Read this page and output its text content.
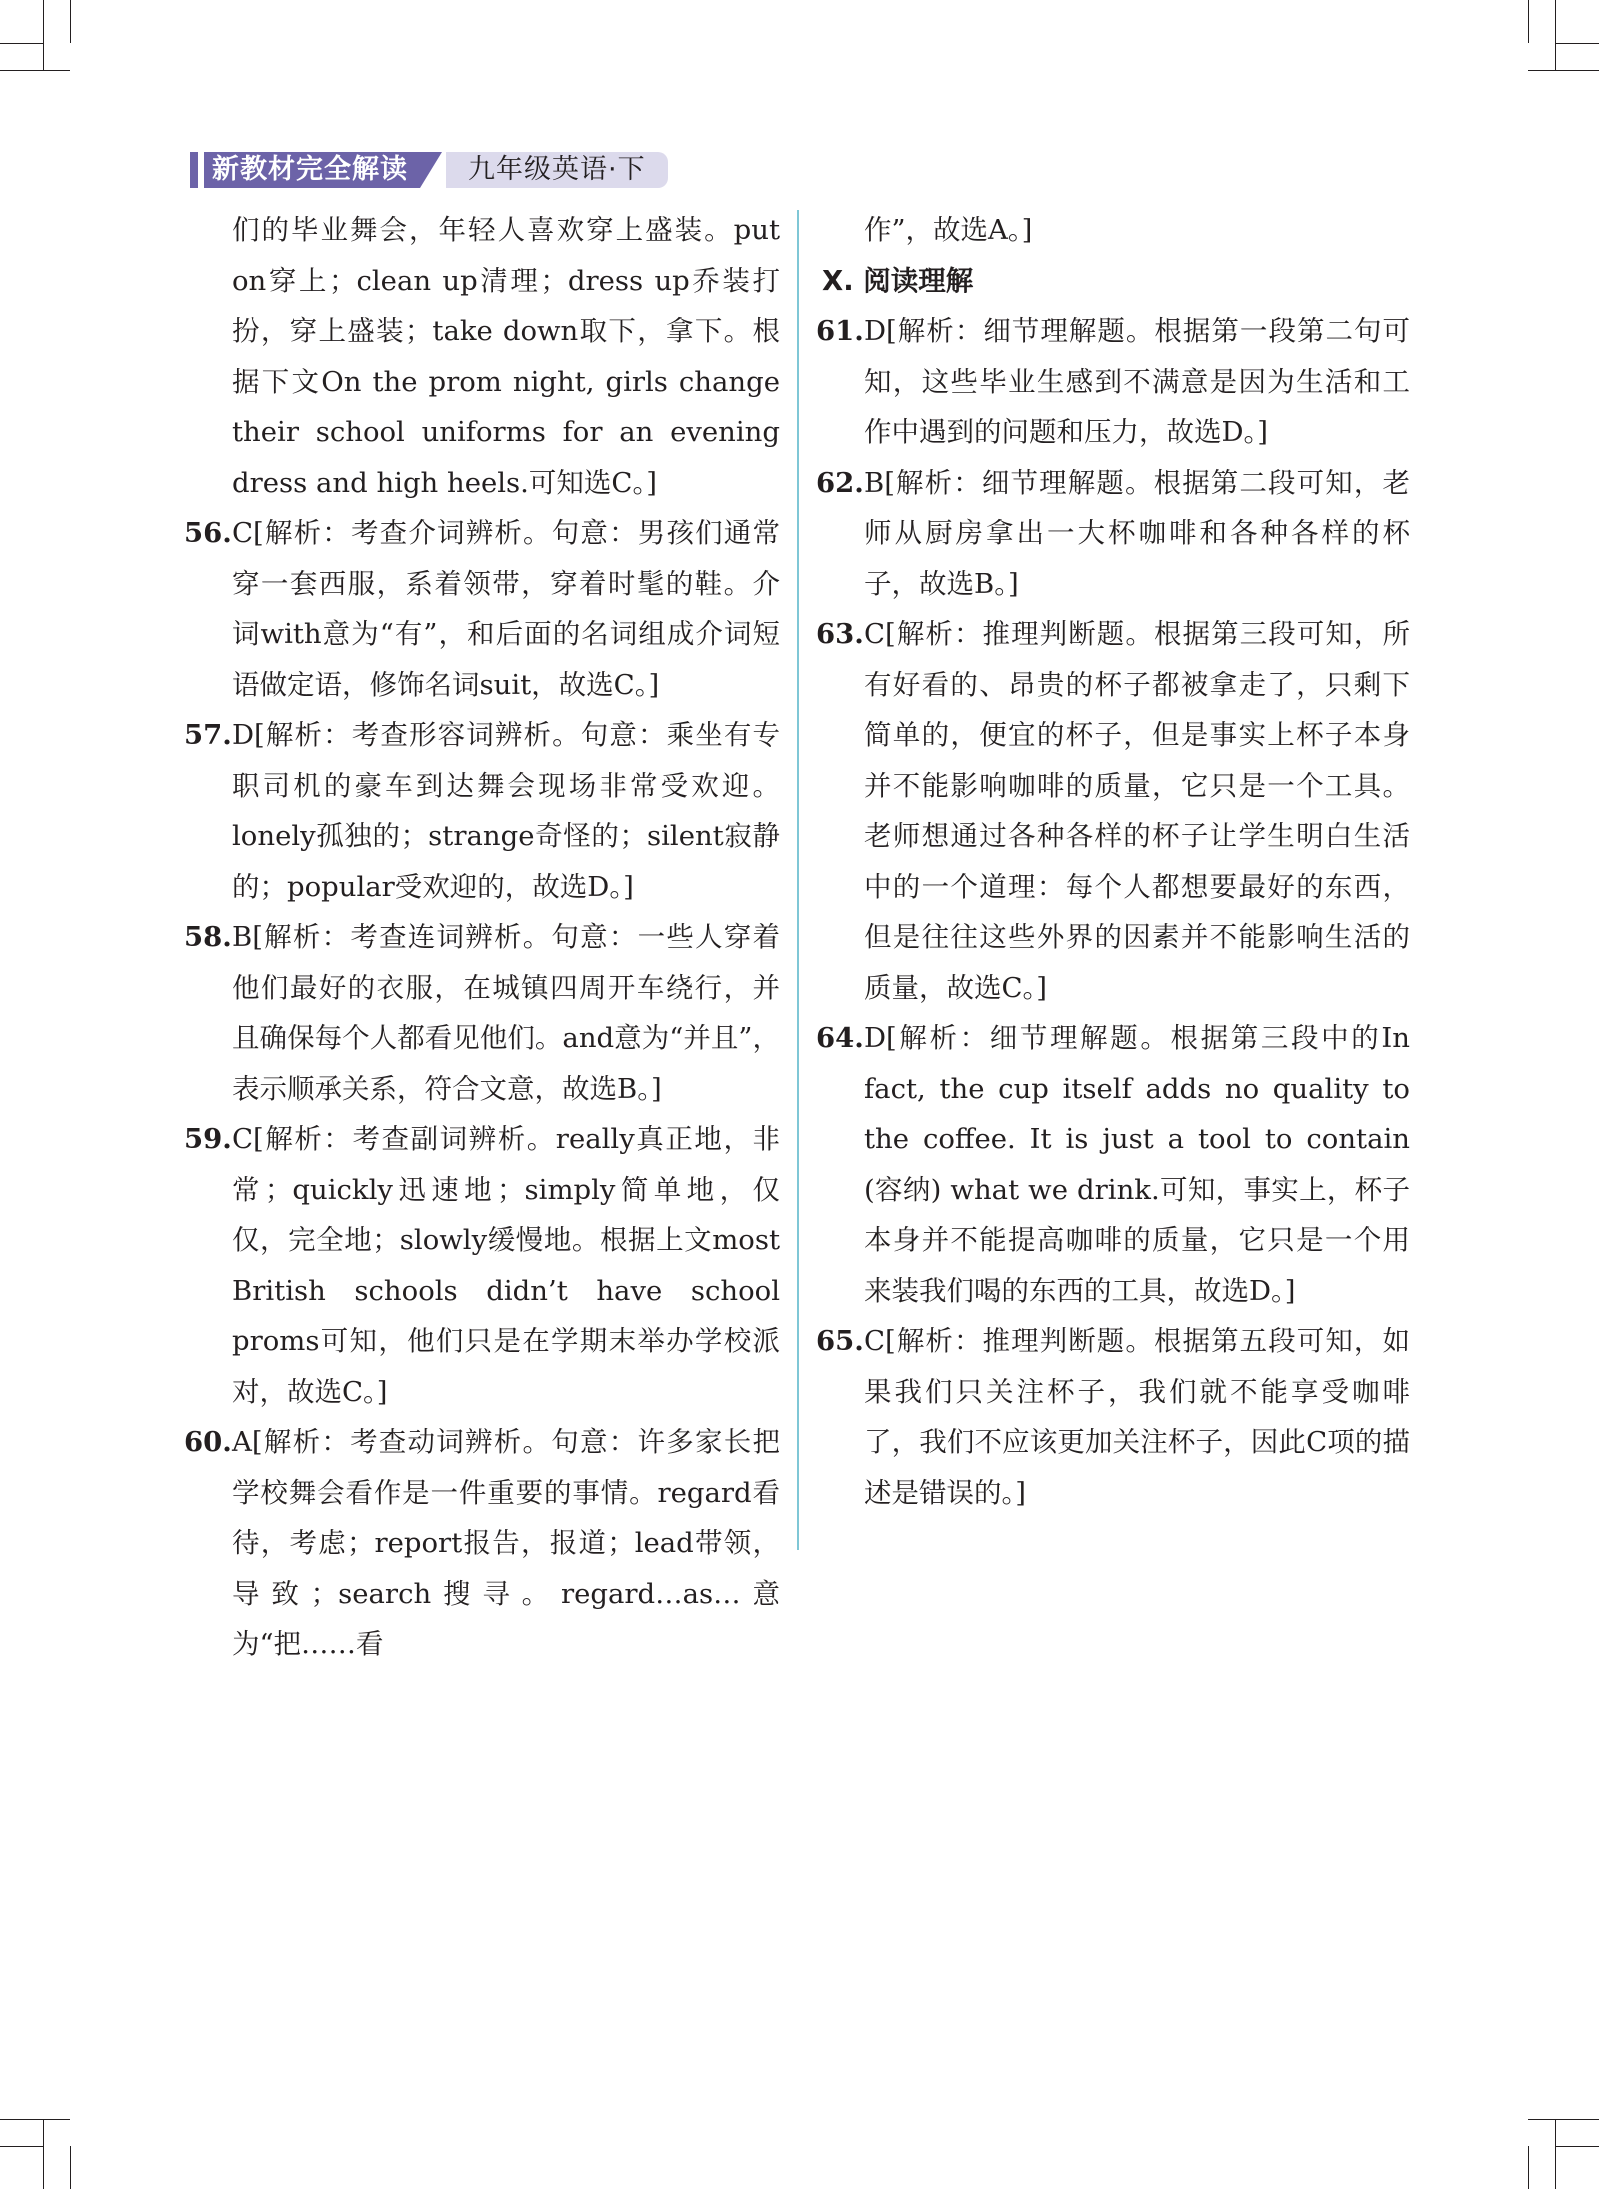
新教材完全解读	九年级英语·下

们的毕业舞会，年轻人喜欢穿上盛装。put on穿上；clean up清理；dress up乔装打扮，穿上盛装；take down取下，拿下。根据下文On the prom night, girls change their school uniforms for an evening dress and high heels.可知选C。]

56. C[解析：考查介词辨析。句意：男孩们通常穿一套西服，系着领带，穿着时髦的鞋。介词with意为“有”，和后面的名词组成介词短语做定语，修饰名词suit，故选C。]
57. D[解析：考查形容词辨析。句意：乘坐有专职司机的豪车到达舞会现场非常受欢迎。lonely孤独的；strange奇怪的；silent寂静的；popular受欢迎的，故选D。]
58. B[解析：考查连词辨析。句意：一些人穿着他们最好的衣服，在城镇四周开车绕行，并且确保每个人都看见他们。and意为“并且”，表示顺承关系，符合文意，故选B。]
59. C[解析：考查副词辨析。really真正地，非常；quickly迅速地；simply简单地，仅仅，完全地；slowly缓慢地。根据上文most British schools didn’t have school proms可知，他们只是在学期末举办学校派对，故选C。]
60. A[解析：考查动词辨析。句意：许多家长把学校舞会看作是一件重要的事情。regard看待，考虑；report报告，报道；lead带领，导致；search搜寻。regard…as…意为“把……看

作”，故选A。]

Ⅹ. 阅读理解

61. D[解析：细节理解题。根据第一段第二句可知，这些毕业生感到不满意是因为生活和工作中遇到的问题和压力，故选D。]
62. B[解析：细节理解题。根据第二段可知，老师从厨房拿出一大杯咖啡和各种各样的杯子，故选B。]
63. C[解析：推理判断题。根据第三段可知，所有好看的、昂贵的杯子都被拿走了，只剩下简单的，便宜的杯子，但是事实上杯子本身并不能影响咖啡的质量，它只是一个工具。老师想通过各种各样的杯子让学生明白生活中的一个道理：每个人都想要最好的东西，但是往往这些外界的因素并不能影响生活的质量，故选C。]
64. D[解析：细节理解题。根据第三段中的In fact, the cup itself adds no quality to the coffee. It is just a tool to contain (容纳) what we drink.可知，事实上，杯子本身并不能提高咖啡的质量，它只是一个用来装我们喝的东西的工具，故选D。]
65. C[解析：推理判断题。根据第五段可知，如果我们只关注杯子，我们就不能享受咖啡了，我们不应该更加关注杯子，因此C项的描述是错误的。]
